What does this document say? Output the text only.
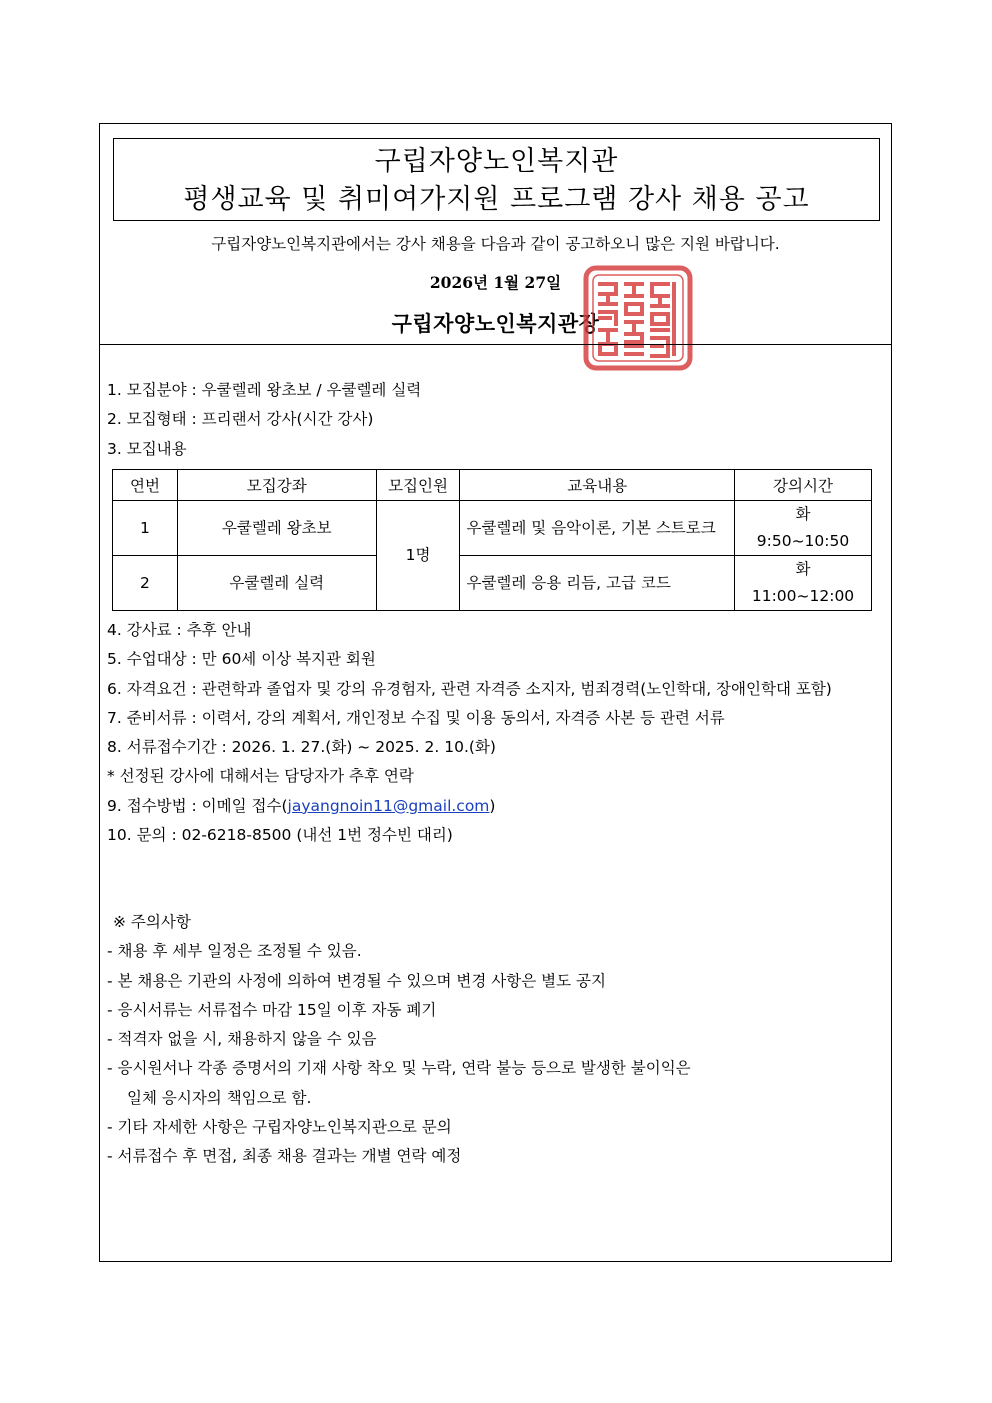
구립자양노인복지관
평생교육 및 취미여가지원 프로그램 강사 채용 공고
구립자양노인복지관에서는 강사 채용을 다음과 같이 공고하오니 많은 지원 바랍니다.
2026년 1월 27일
구립자양노인복지관장
1. 모집분야 : 우쿨렐레 왕초보 / 우쿨렐레 실력
2. 모집형태 : 프리랜서 강사(시간 강사)
3. 모집내용
연번	모집강좌	모집인원	교육내용	강의시간
1	우쿨렐레 왕초보	1명	우쿨렐레 및 음악이론, 기본 스트로크	화
9:50~10:50

2	우쿨렐레 실력		우쿨렐레 응용 리듬, 고급 코드	화
11:00~12:00
4. 강사료 : 추후 안내
5. 수업대상 : 만 60세 이상 복지관 회원
6. 자격요건 : 관련학과 졸업자 및 강의 유경험자, 관련 자격증 소지자, 범죄경력(노인학대, 장애인학대 포함)
7. 준비서류 : 이력서, 강의 계획서, 개인정보 수집 및 이용 동의서, 자격증 사본 등 관련 서류
8. 서류접수기간 : 2026. 1. 27.(화) ~ 2025. 2. 10.(화)
* 선정된 강사에 대해서는 담당자가 추후 연락
9. 접수방법 : 이메일 접수(jayangnoin11@gmail.com)
10. 문의 : 02-6218-8500 (내선 1번 정수빈 대리)
※ 주의사항
- 채용 후 세부 일정은 조정될 수 있음.
- 본 채용은 기관의 사정에 의하여 변경될 수 있으며 변경 사항은 별도 공지
- 응시서류는 서류접수 마감 15일 이후 자동 폐기
- 적격자 없을 시, 채용하지 않을 수 있음
- 응시원서나 각종 증명서의 기재 사항 착오 및 누락, 연락 불능 등으로 발생한 불이익은
일체 응시자의 책임으로 함.
- 기타 자세한 사항은 구립자양노인복지관으로 문의
- 서류접수 후 면접, 최종 채용 결과는 개별 연락 예정
